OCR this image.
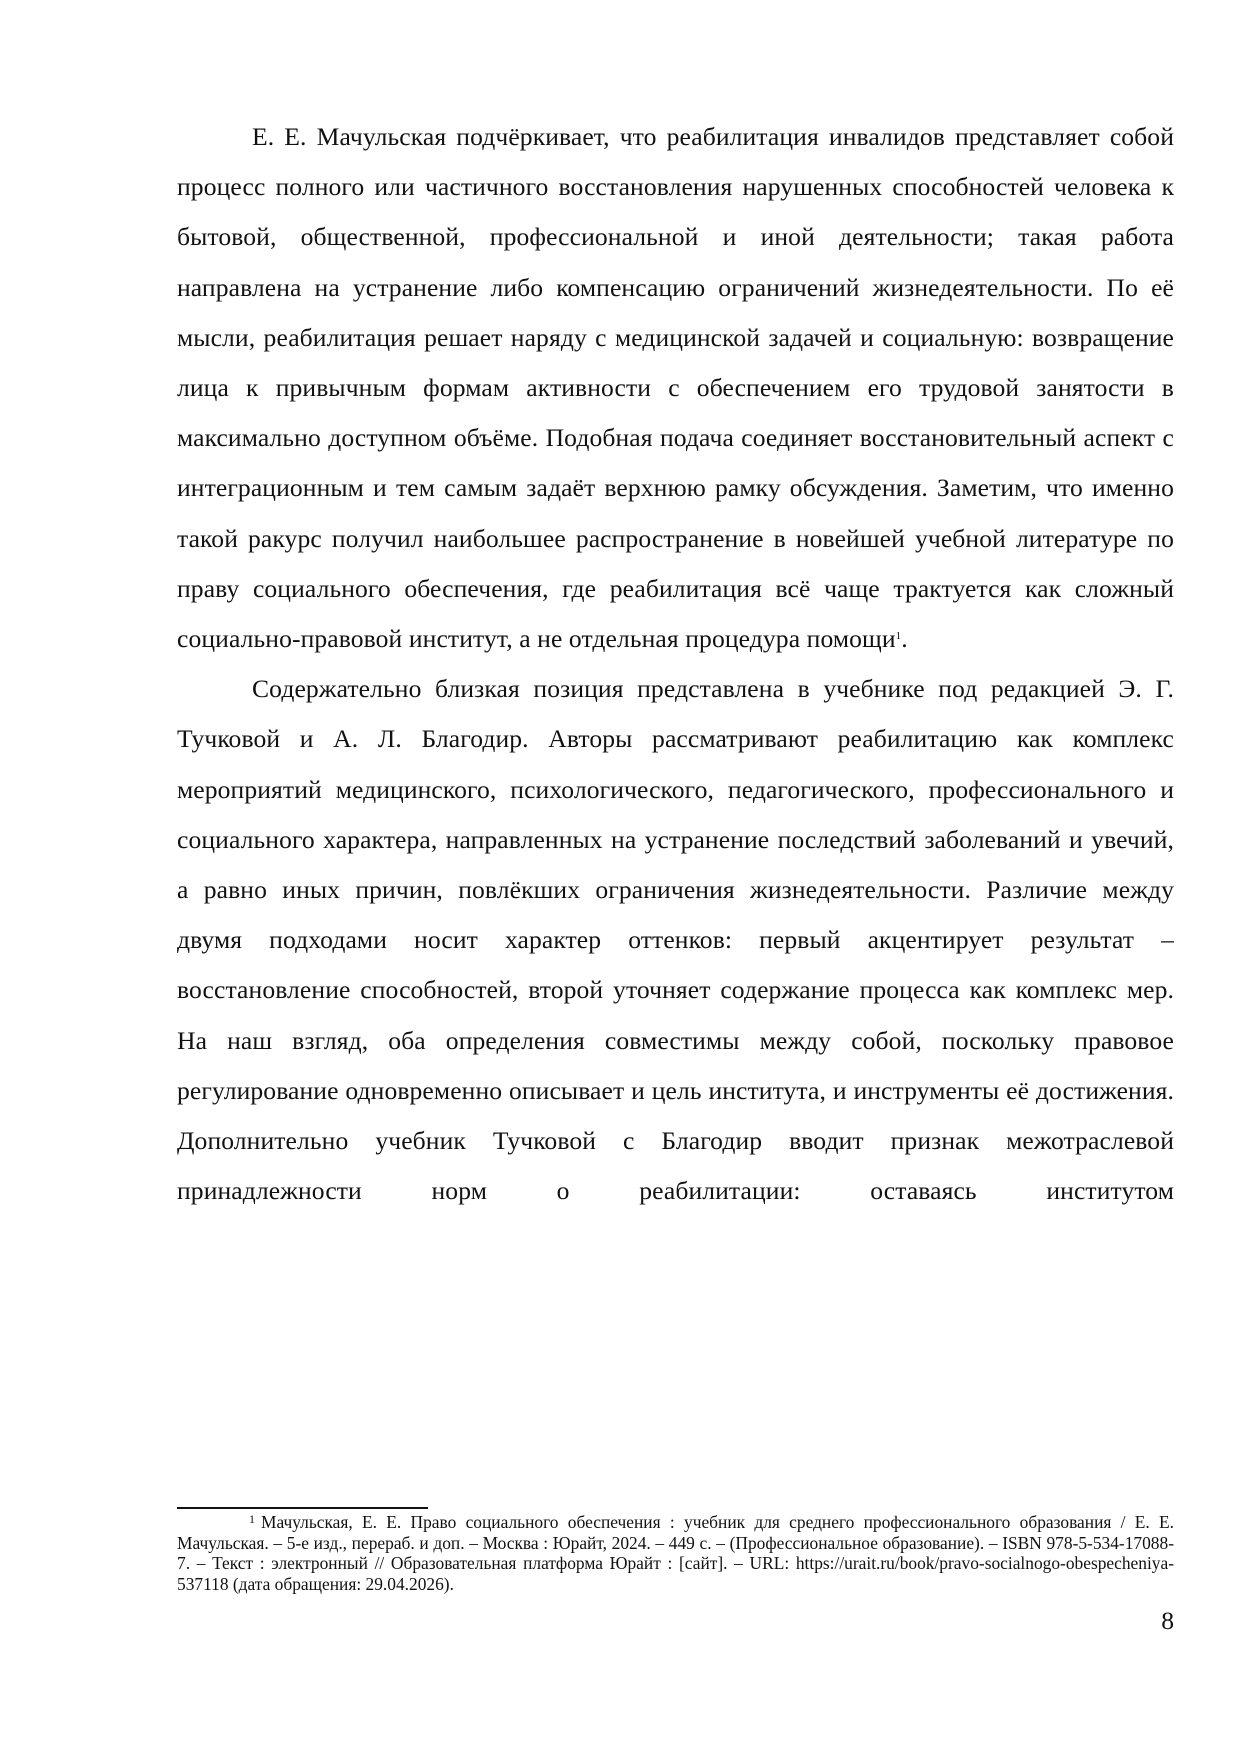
Е. Е. Мачульская подчёркивает, что реабилитация инвалидов представляет собой процесс полного или частичного восстановления нарушенных способностей человека к бытовой, общественной, профессиональной и иной деятельности; такая работа направлена на устранение либо компенсацию ограничений жизнедеятельности. По её мысли, реабилитация решает наряду с медицинской задачей и социальную: возвращение лица к привычным формам активности с обеспечением его трудовой занятости в максимально доступном объёме. Подобная подача соединяет восстановительный аспект с интеграционным и тем самым задаёт верхнюю рамку обсуждения. Заметим, что именно такой ракурс получил наибольшее распространение в новейшей учебной литературе по праву социального обеспечения, где реабилитация всё чаще трактуется как сложный социально-правовой институт, а не отдельная процедура помощи$^1$.

Содержательно близкая позиция представлена в учебнике под редакцией Э. Г. Тучковой и А. Л. Благодир. Авторы рассматривают реабилитацию как комплекс мероприятий медицинского, психологического, педагогического, профессионального и социального характера, направленных на устранение последствий заболеваний и увечий, а равно иных причин, повлёкших ограничения жизнедеятельности. Различие между двумя подходами носит характер оттенков: первый акцентирует результат – восстановление способностей, второй уточняет содержание процесса как комплекс мер. На наш взгляд, оба определения совместимы между собой, поскольку правовое регулирование одновременно описывает и цель института, и инструменты её достижения. Дополнительно учебник Тучковой с Благодир вводит признак межотраслевой принадлежности норм о реабилитации: оставаясь институтом

$^1$ Мачульская, Е. Е. Право социального обеспечения : учебник для среднего профессионального образования / Е. Е. Мачульская. – 5-е изд., перераб. и доп. – Москва : Юрайт, 2024. – 449 с. – (Профессиональное образование). – ISBN 978-5-534-17088-7. – Текст : электронный // Образовательная платформа Юрайт : [сайт]. – URL: https://urait.ru/book/pravo-socialnogo-obespecheniya-537118 (дата обращения: 29.04.2026).

8
